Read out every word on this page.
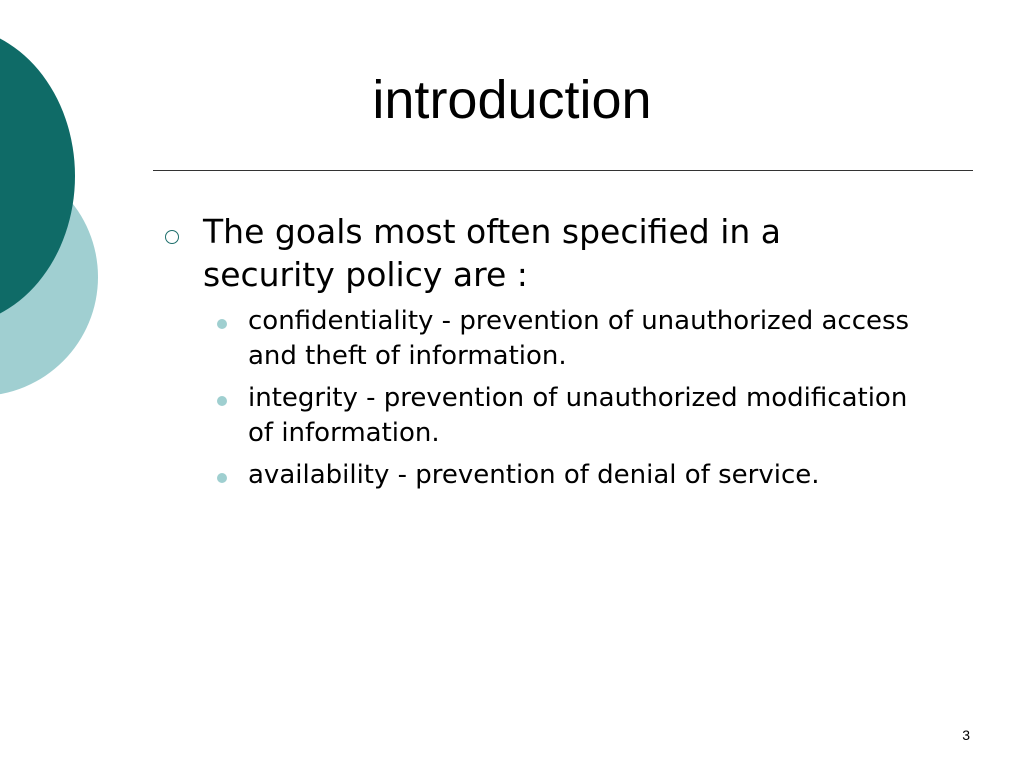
introduction
The goals most often specified in a security policy are :
confidentiality - prevention of unauthorized access and theft of information.
integrity - prevention of unauthorized modification of information.
availability - prevention of denial of service.
3
